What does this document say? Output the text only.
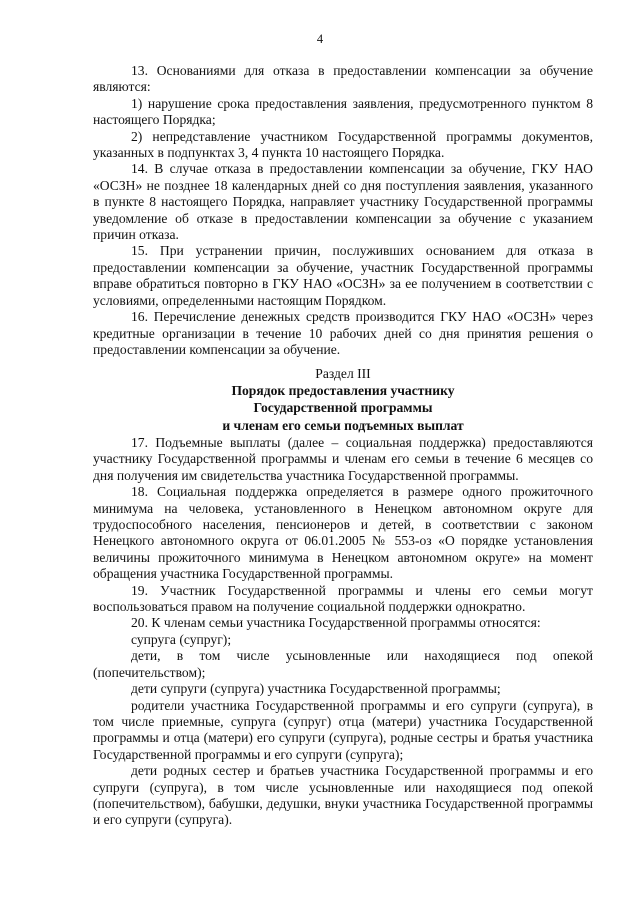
4

13. Основаниями для отказа в предоставлении компенсации за обучение являются:

1) нарушение срока предоставления заявления, предусмотренного пунктом 8 настоящего Порядка;

2) непредставление участником Государственной программы документов, указанных в подпунктах 3, 4 пункта 10 настоящего Порядка.

14. В случае отказа в предоставлении компенсации за обучение, ГКУ НАО «ОСЗН» не позднее 18 календарных дней со дня поступления заявления, указанного в пункте 8 настоящего Порядка, направляет участнику Государственной программы уведомление об отказе в предоставлении компенсации за обучение с указанием причин отказа.

15. При устранении причин, послуживших основанием для отказа в предоставлении компенсации за обучение, участник Государственной программы вправе обратиться повторно в ГКУ НАО «ОСЗН» за ее получением в соответствии с условиями, определенными настоящим Порядком.

16. Перечисление денежных средств производится ГКУ НАО «ОСЗН» через кредитные организации в течение 10 рабочих дней со дня принятия решения о предоставлении компенсации за обучение.

Раздел III
Порядок предоставления участнику
Государственной программы
и членам его семьи подъемных выплат

17. Подъемные выплаты (далее – социальная поддержка) предоставляются участнику Государственной программы и членам его семьи в течение 6 месяцев со дня получения им свидетельства участника Государственной программы.

18. Социальная поддержка определяется в размере одного прожиточного минимума на человека, установленного в Ненецком автономном округе для трудоспособного населения, пенсионеров и детей, в соответствии с законом Ненецкого автономного округа от 06.01.2005 № 553-оз «О порядке установления величины прожиточного минимума в Ненецком автономном округе» на момент обращения участника Государственной программы.

19. Участник Государственной программы и члены его семьи могут воспользоваться правом на получение социальной поддержки однократно.

20. К членам семьи участника Государственной программы относятся:

супруга (супруг);

дети, в том числе усыновленные или находящиеся под опекой (попечительством);

дети супруги (супруга) участника Государственной программы;

родители участника Государственной программы и его супруги (супруга), в том числе приемные, супруга (супруг) отца (матери) участника Государственной программы и отца (матери) его супруги (супруга), родные сестры и братья участника Государственной программы и его супруги (супруга);

дети родных сестер и братьев участника Государственной программы и его супруги (супруга), в том числе усыновленные или находящиеся под опекой (попечительством), бабушки, дедушки, внуки участника Государственной программы и его супруги (супруга).
